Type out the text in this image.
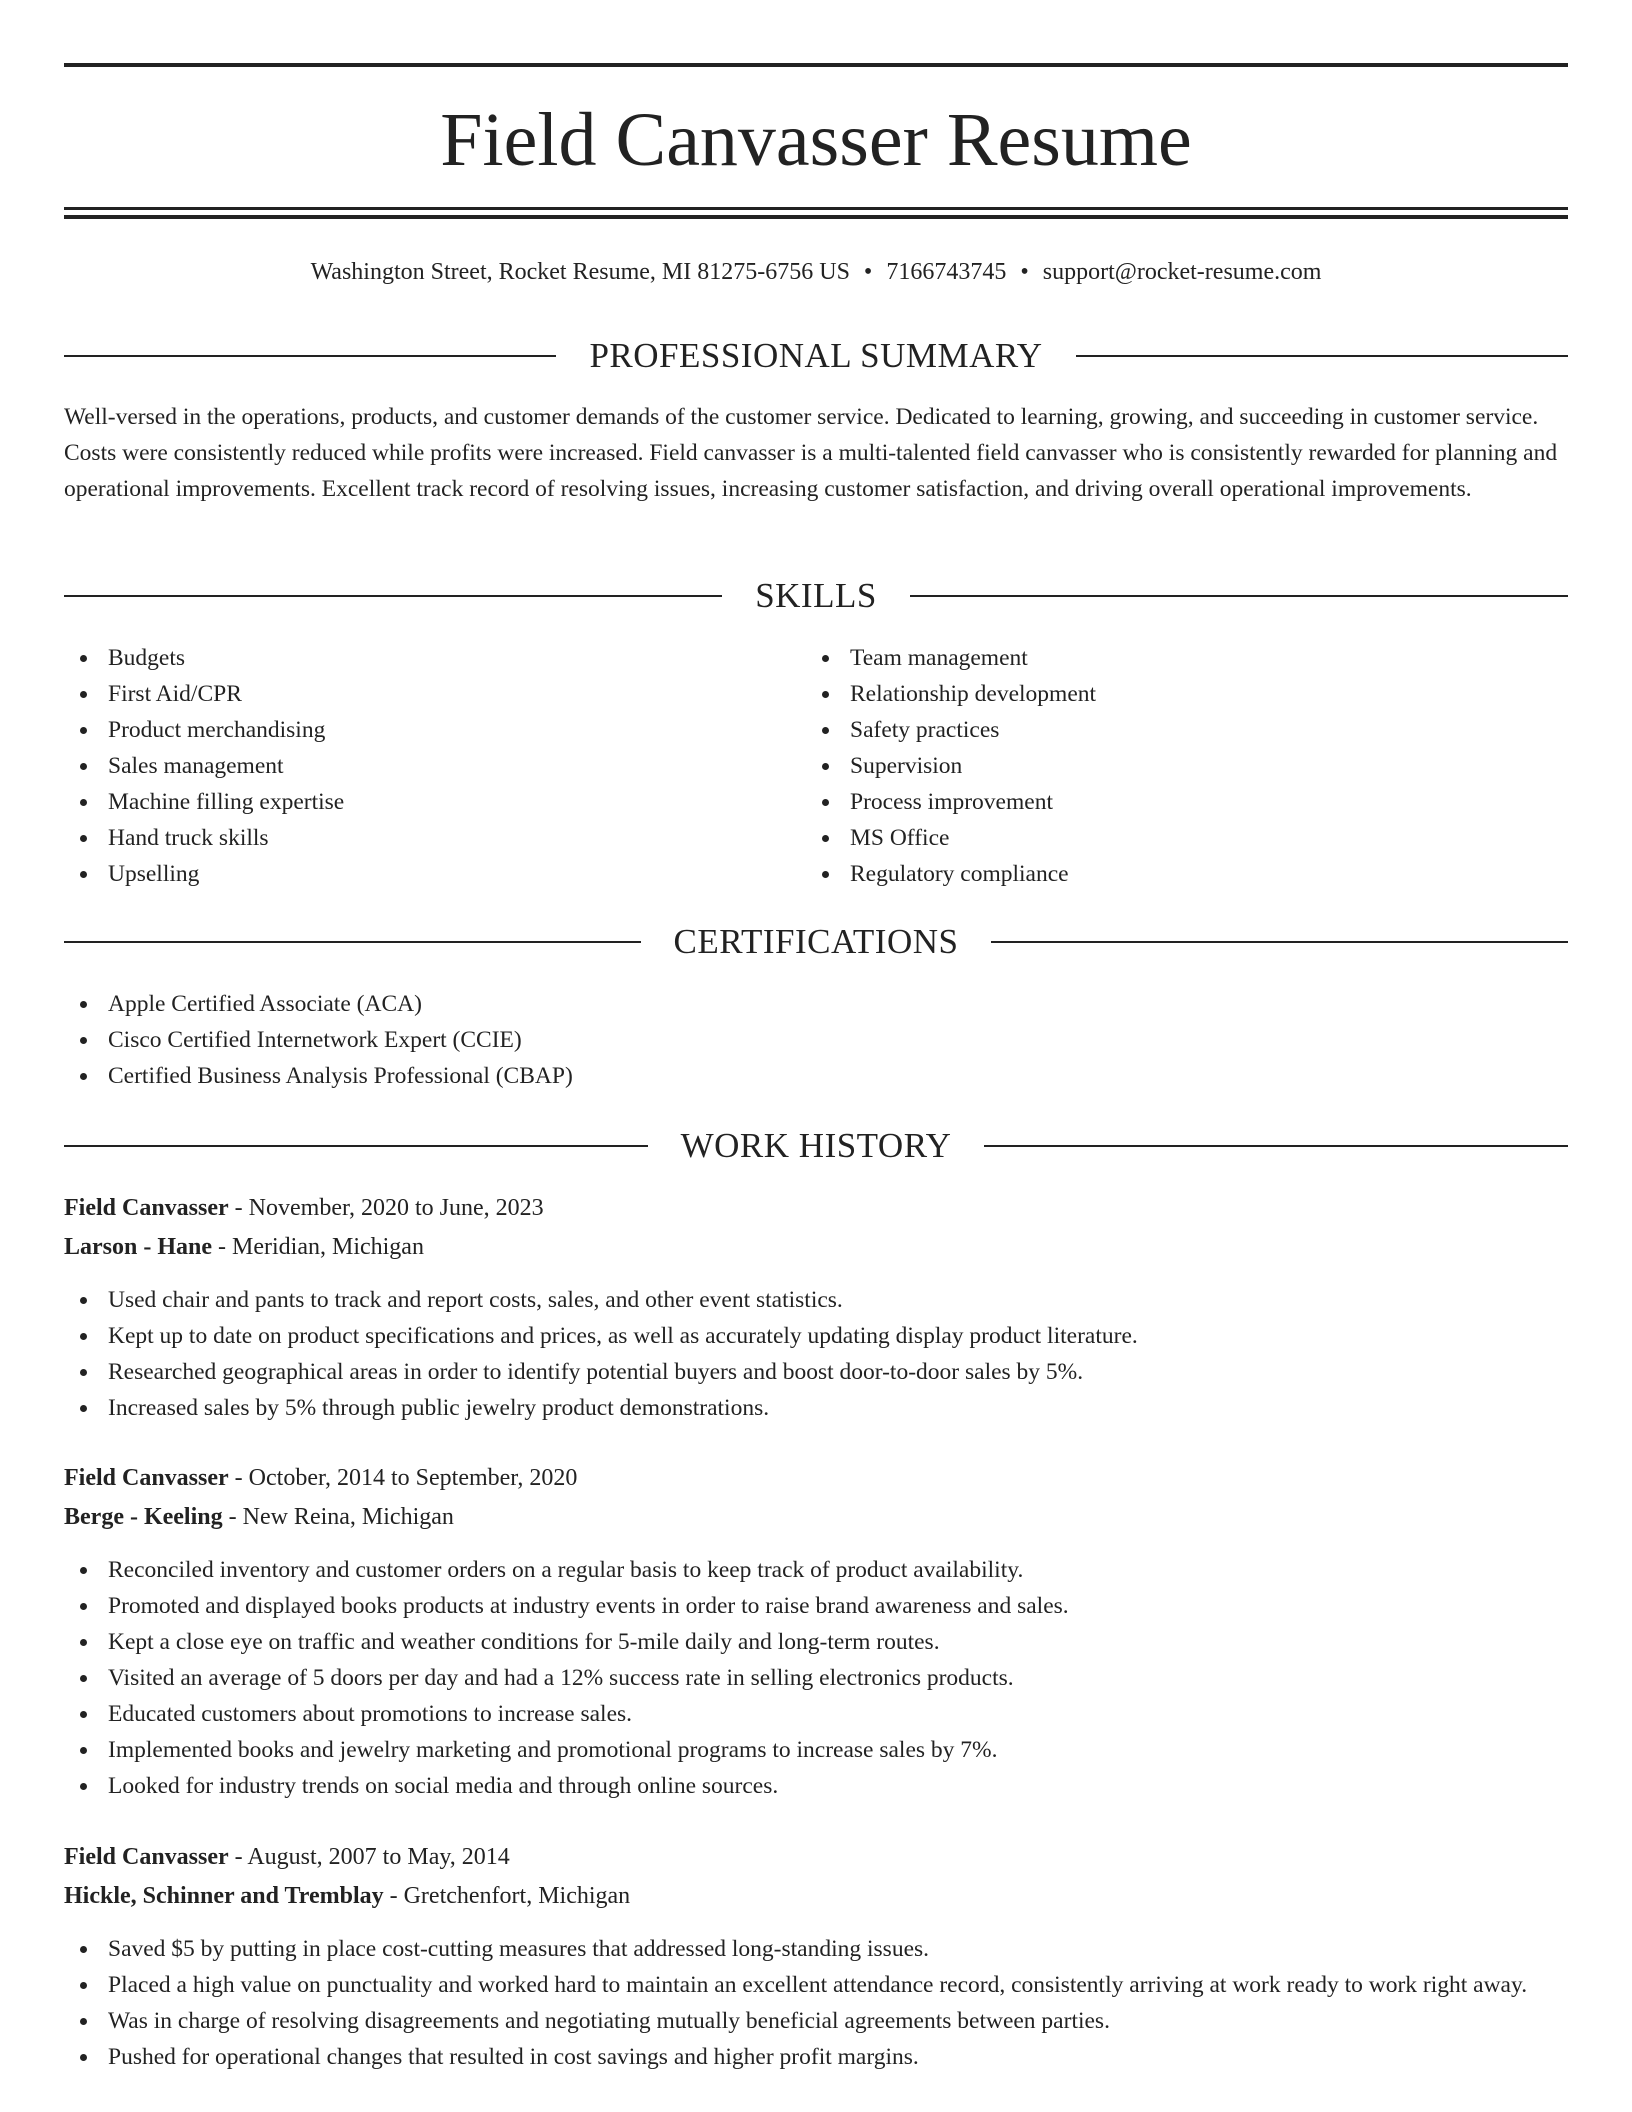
Field Canvasser Resume
Washington Street, Rocket Resume, MI 81275-6756 US • 7166743745 • support@rocket-resume.com
PROFESSIONAL SUMMARY

Well-versed in the operations, products, and customer demands of the customer service. Dedicated to learning, growing, and succeeding in customer service. Costs were consistently reduced while profits were increased. Field canvasser is a multi-talented field canvasser who is consistently rewarded for planning and operational improvements. Excellent track record of resolving issues, increasing customer satisfaction, and driving overall operational improvements.

SKILLS
Budgets
First Aid/CPR
Product merchandising
Sales management
Machine filling expertise
Hand truck skills
Upselling
Team management
Relationship development
Safety practices
Supervision
Process improvement
MS Office
Regulatory compliance
CERTIFICATIONS
Apple Certified Associate (ACA)
Cisco Certified Internetwork Expert (CCIE)
Certified Business Analysis Professional (CBAP)
WORK HISTORY
Field Canvasser - November, 2020 to June, 2023
Larson - Hane - Meridian, Michigan
Used chair and pants to track and report costs, sales, and other event statistics.
Kept up to date on product specifications and prices, as well as accurately updating display product literature.
Researched geographical areas in order to identify potential buyers and boost door-to-door sales by 5%.
Increased sales by 5% through public jewelry product demonstrations.
Field Canvasser - October, 2014 to September, 2020
Berge - Keeling - New Reina, Michigan
Reconciled inventory and customer orders on a regular basis to keep track of product availability.
Promoted and displayed books products at industry events in order to raise brand awareness and sales.
Kept a close eye on traffic and weather conditions for 5-mile daily and long-term routes.
Visited an average of 5 doors per day and had a 12% success rate in selling electronics products.
Educated customers about promotions to increase sales.
Implemented books and jewelry marketing and promotional programs to increase sales by 7%.
Looked for industry trends on social media and through online sources.
Field Canvasser - August, 2007 to May, 2014
Hickle, Schinner and Tremblay - Gretchenfort, Michigan
Saved $5 by putting in place cost-cutting measures that addressed long-standing issues.
Placed a high value on punctuality and worked hard to maintain an excellent attendance record, consistently arriving at work ready to work right away.
Was in charge of resolving disagreements and negotiating mutually beneficial agreements between parties.
Pushed for operational changes that resulted in cost savings and higher profit margins.
